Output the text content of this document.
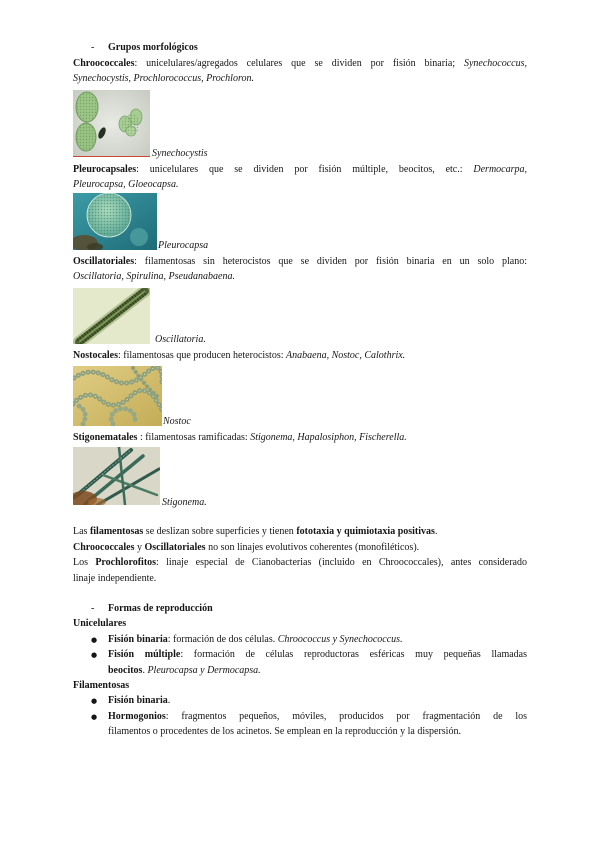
- Grupos morfológicos
Chroococcales: unicelulares/agregados celulares que se dividen por fisión binaria; Synechococcus,
Synechocystis, Prochlorococcus, Prochloron.
Synechocystis
Pleurocapsales: unicelulares que se dividen por fisión múltiple, beocitos, etc.: Dermocarpa,
Pleurocapsa, Gloeocapsa.
Pleurocapsa
Oscillatoriales: filamentosas sin heterocistos que se dividen por fisión binaria en un solo plano:
Oscillatoria, Spirulina, Pseudanabaena.
Oscillatoria.
Nostocales: filamentosas que producen heterocistos: Anabaena, Nostoc, Calothrix.
Nostoc
Stigonematales : filamentosas ramificadas: Stigonema, Hapalosiphon, Fischerella.
Stigonema.
Las filamentosas se deslizan sobre superficies y tienen fototaxia y quimiotaxia positivas.
Chroococcales y Oscillatoriales no son linajes evolutivos coherentes (monofiléticos).
Los Prochlorofitos: linaje especial de Cianobacterias (incluido en Chroococcales), antes considerado
linaje independiente.
- Formas de reproducción
Unicelulares
●	Fisión binaria: formación de dos células. Chroococcus y Synechococcus.
●	Fisión múltiple: formación de células reproductoras esféricas muy pequeñas llamadas
beocitos. Pleurocapsa y Dermocapsa.
Filamentosas
●	Fisión binaria.
●	Hormogonios: fragmentos pequeños, móviles, producidos por fragmentación de los
filamentos o procedentes de los acinetos. Se emplean en la reproducción y la dispersión.
